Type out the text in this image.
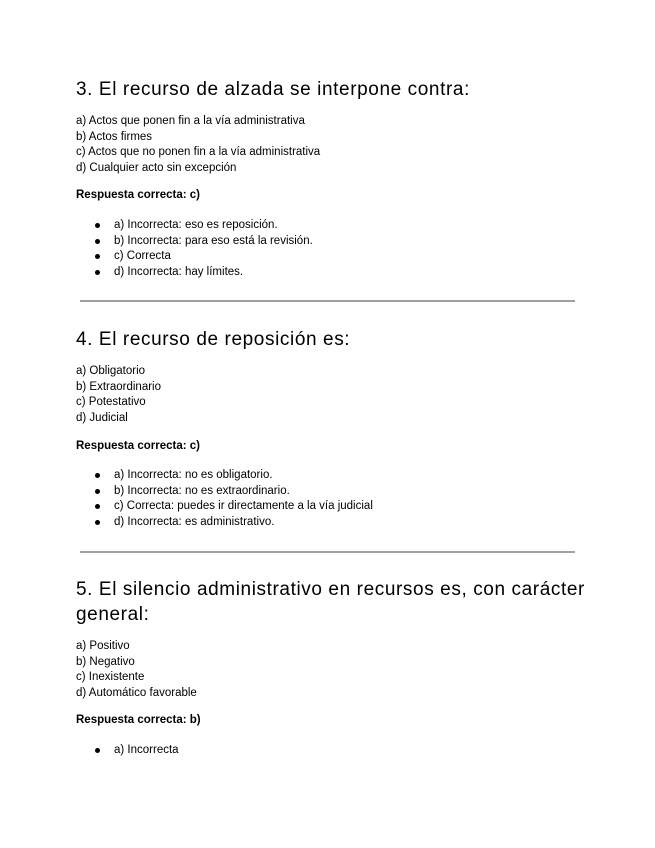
3. El recurso de alzada se interpone contra:
a) Actos que ponen fin a la vía administrativa
b) Actos firmes
c) Actos que no ponen fin a la vía administrativa
d) Cualquier acto sin excepción

Respuesta correcta: c)

a) Incorrecta: eso es reposición.
b) Incorrecta: para eso está la revisión.
c) Correcta
d) Incorrecta: hay límites.
4. El recurso de reposición es:
a) Obligatorio
b) Extraordinario
c) Potestativo
d) Judicial

Respuesta correcta: c)

a) Incorrecta: no es obligatorio.
b) Incorrecta: no es extraordinario.
c) Correcta: puedes ir directamente a la vía judicial
d) Incorrecta: es administrativo.
5. El silencio administrativo en recursos es, con carácter general:
a) Positivo
b) Negativo
c) Inexistente
d) Automático favorable

Respuesta correcta: b)

a) Incorrecta
